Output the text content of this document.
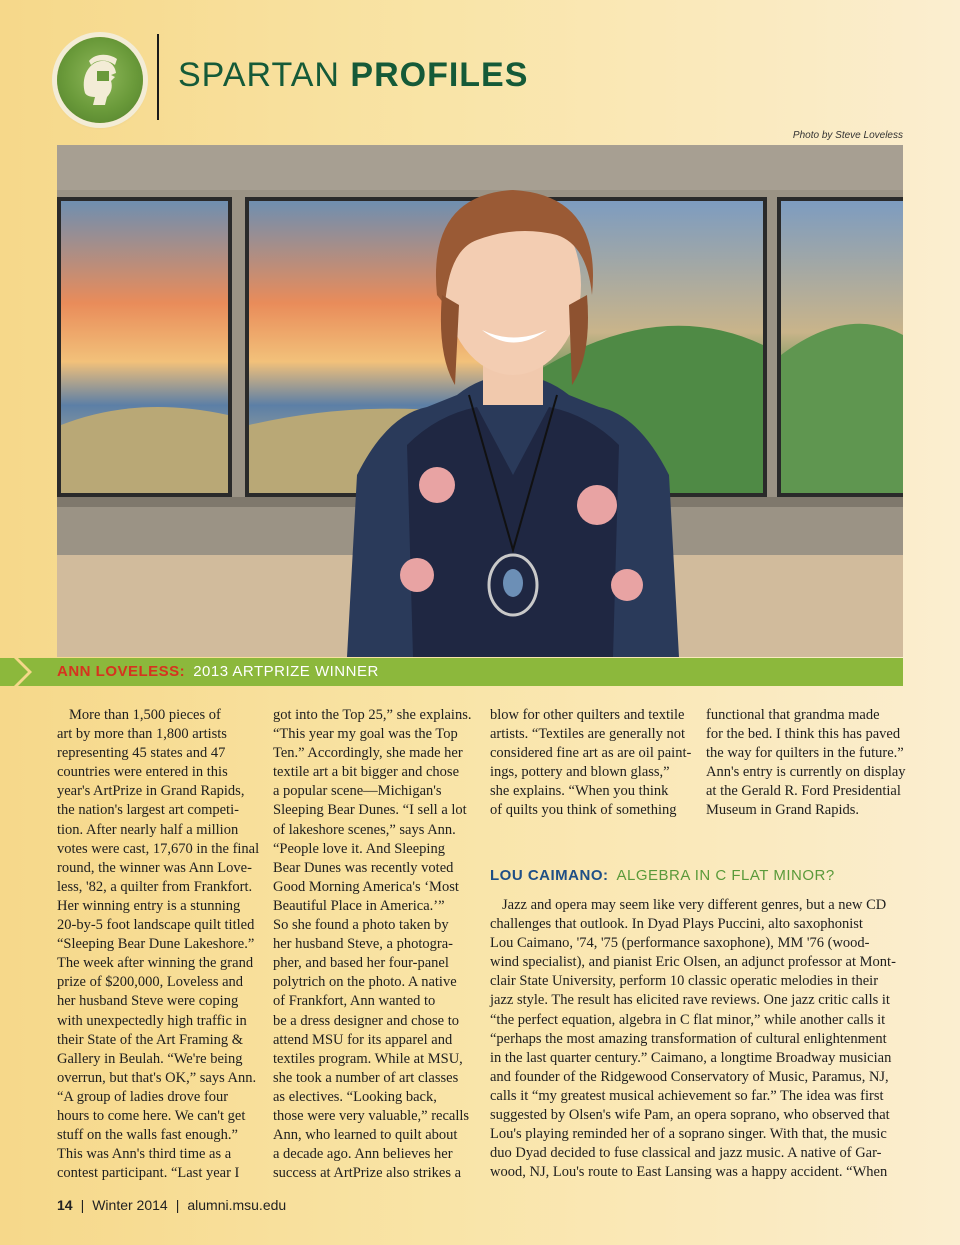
SPARTAN PROFILES
Photo by Steve Loveless
ANN LOVELESS: 2013 ARTPRIZE WINNER

More than 1,500 pieces of

art by more than 1,800 artists

representing 45 states and 47

countries were entered in this

year's ArtPrize in Grand Rapids,

the nation's largest art competi-

tion. After nearly half a million

votes were cast, 17,670 in the final

round, the winner was Ann Love-

less, '82, a quilter from Frankfort.

Her winning entry is a stunning

20-by-5 foot landscape quilt titled

“Sleeping Bear Dune Lakeshore.”

The week after winning the grand

prize of $200,000, Loveless and

her husband Steve were coping

with unexpectedly high traffic in

their State of the Art Framing &

Gallery in Beulah. “We're being

overrun, but that's OK,” says Ann.

“A group of ladies drove four

hours to come here. We can't get

stuff on the walls fast enough.”

This was Ann's third time as a

contest participant. “Last year I

got into the Top 25,” she explains.

“This year my goal was the Top

Ten.” Accordingly, she made her

textile art a bit bigger and chose

a popular scene—Michigan's

Sleeping Bear Dunes. “I sell a lot

of lakeshore scenes,” says Ann.

“People love it. And Sleeping

Bear Dunes was recently voted

Good Morning America's ‘Most

Beautiful Place in America.’”

So she found a photo taken by

her husband Steve, a photogra-

pher, and based her four-panel

polytrich on the photo. A native

of Frankfort, Ann wanted to

be a dress designer and chose to

attend MSU for its apparel and

textiles program. While at MSU,

she took a number of art classes

as electives. “Looking back,

those were very valuable,” recalls

Ann, who learned to quilt about

a decade ago. Ann believes her

success at ArtPrize also strikes a

blow for other quilters and textile

artists. “Textiles are generally not

considered fine art as are oil paint-

ings, pottery and blown glass,”

she explains. “When you think

of quilts you think of something

functional that grandma made

for the bed. I think this has paved

the way for quilters in the future.”

Ann's entry is currently on display

at the Gerald R. Ford Presidential

Museum in Grand Rapids.

LOU CAIMANO: ALGEBRA IN C FLAT MINOR?

Jazz and opera may seem like very different genres, but a new CD

challenges that outlook. In Dyad Plays Puccini, alto saxophonist

Lou Caimano, '74, '75 (performance saxophone), MM '76 (wood-

wind specialist), and pianist Eric Olsen, an adjunct professor at Mont-

clair State University, perform 10 classic operatic melodies in their

jazz style. The result has elicited rave reviews. One jazz critic calls it

“the perfect equation, algebra in C flat minor,” while another calls it

“perhaps the most amazing transformation of cultural enlightenment

in the last quarter century.” Caimano, a longtime Broadway musician

and founder of the Ridgewood Conservatory of Music, Paramus, NJ,

calls it “my greatest musical achievement so far.” The idea was first

suggested by Olsen's wife Pam, an opera soprano, who observed that

Lou's playing reminded her of a soprano singer. With that, the music

duo Dyad decided to fuse classical and jazz music. A native of Gar-

wood, NJ, Lou's route to East Lansing was a happy accident. “When

14 | Winter 2014 | alumni.msu.edu
